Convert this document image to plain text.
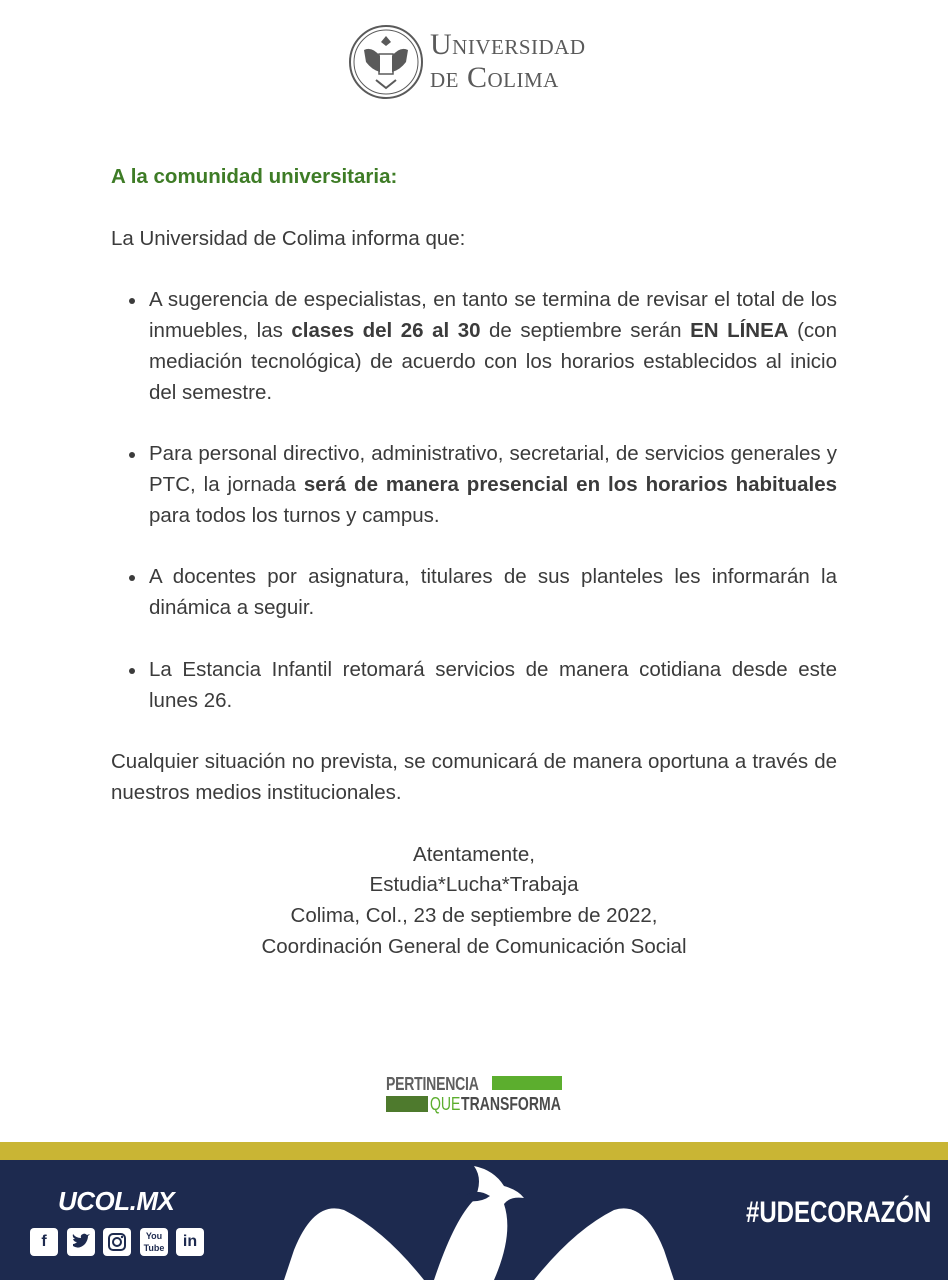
Universidad
de Colima

A la comunidad universitaria:

La Universidad de Colima informa que:

A sugerencia de especialistas, en tanto se termina de revisar el total de los inmuebles, las clases del 26 al 30 de septiembre serán EN LÍNEA (con mediación tecnológica) de acuerdo con los horarios establecidos al inicio del semestre.
Para personal directivo, administrativo, secretarial, de servicios generales y PTC, la jornada será de manera presencial en los horarios habituales para todos los turnos y campus.
A docentes por asignatura, titulares de sus planteles les informarán la dinámica a seguir.
La Estancia Infantil retomará servicios de manera cotidiana desde este lunes 26.

Cualquier situación no prevista, se comunicará de manera oportuna a través de nuestros medios institucionales.

Atentamente,
Estudia*Lucha*Trabaja
Colima, Col., 23 de septiembre de 2022,
Coordinación General de Comunicación Social
PERTINENCIA
QUE TRANSFORMA
UCOL.MX
f	You
Tube	in
#UDECORAZÓN
